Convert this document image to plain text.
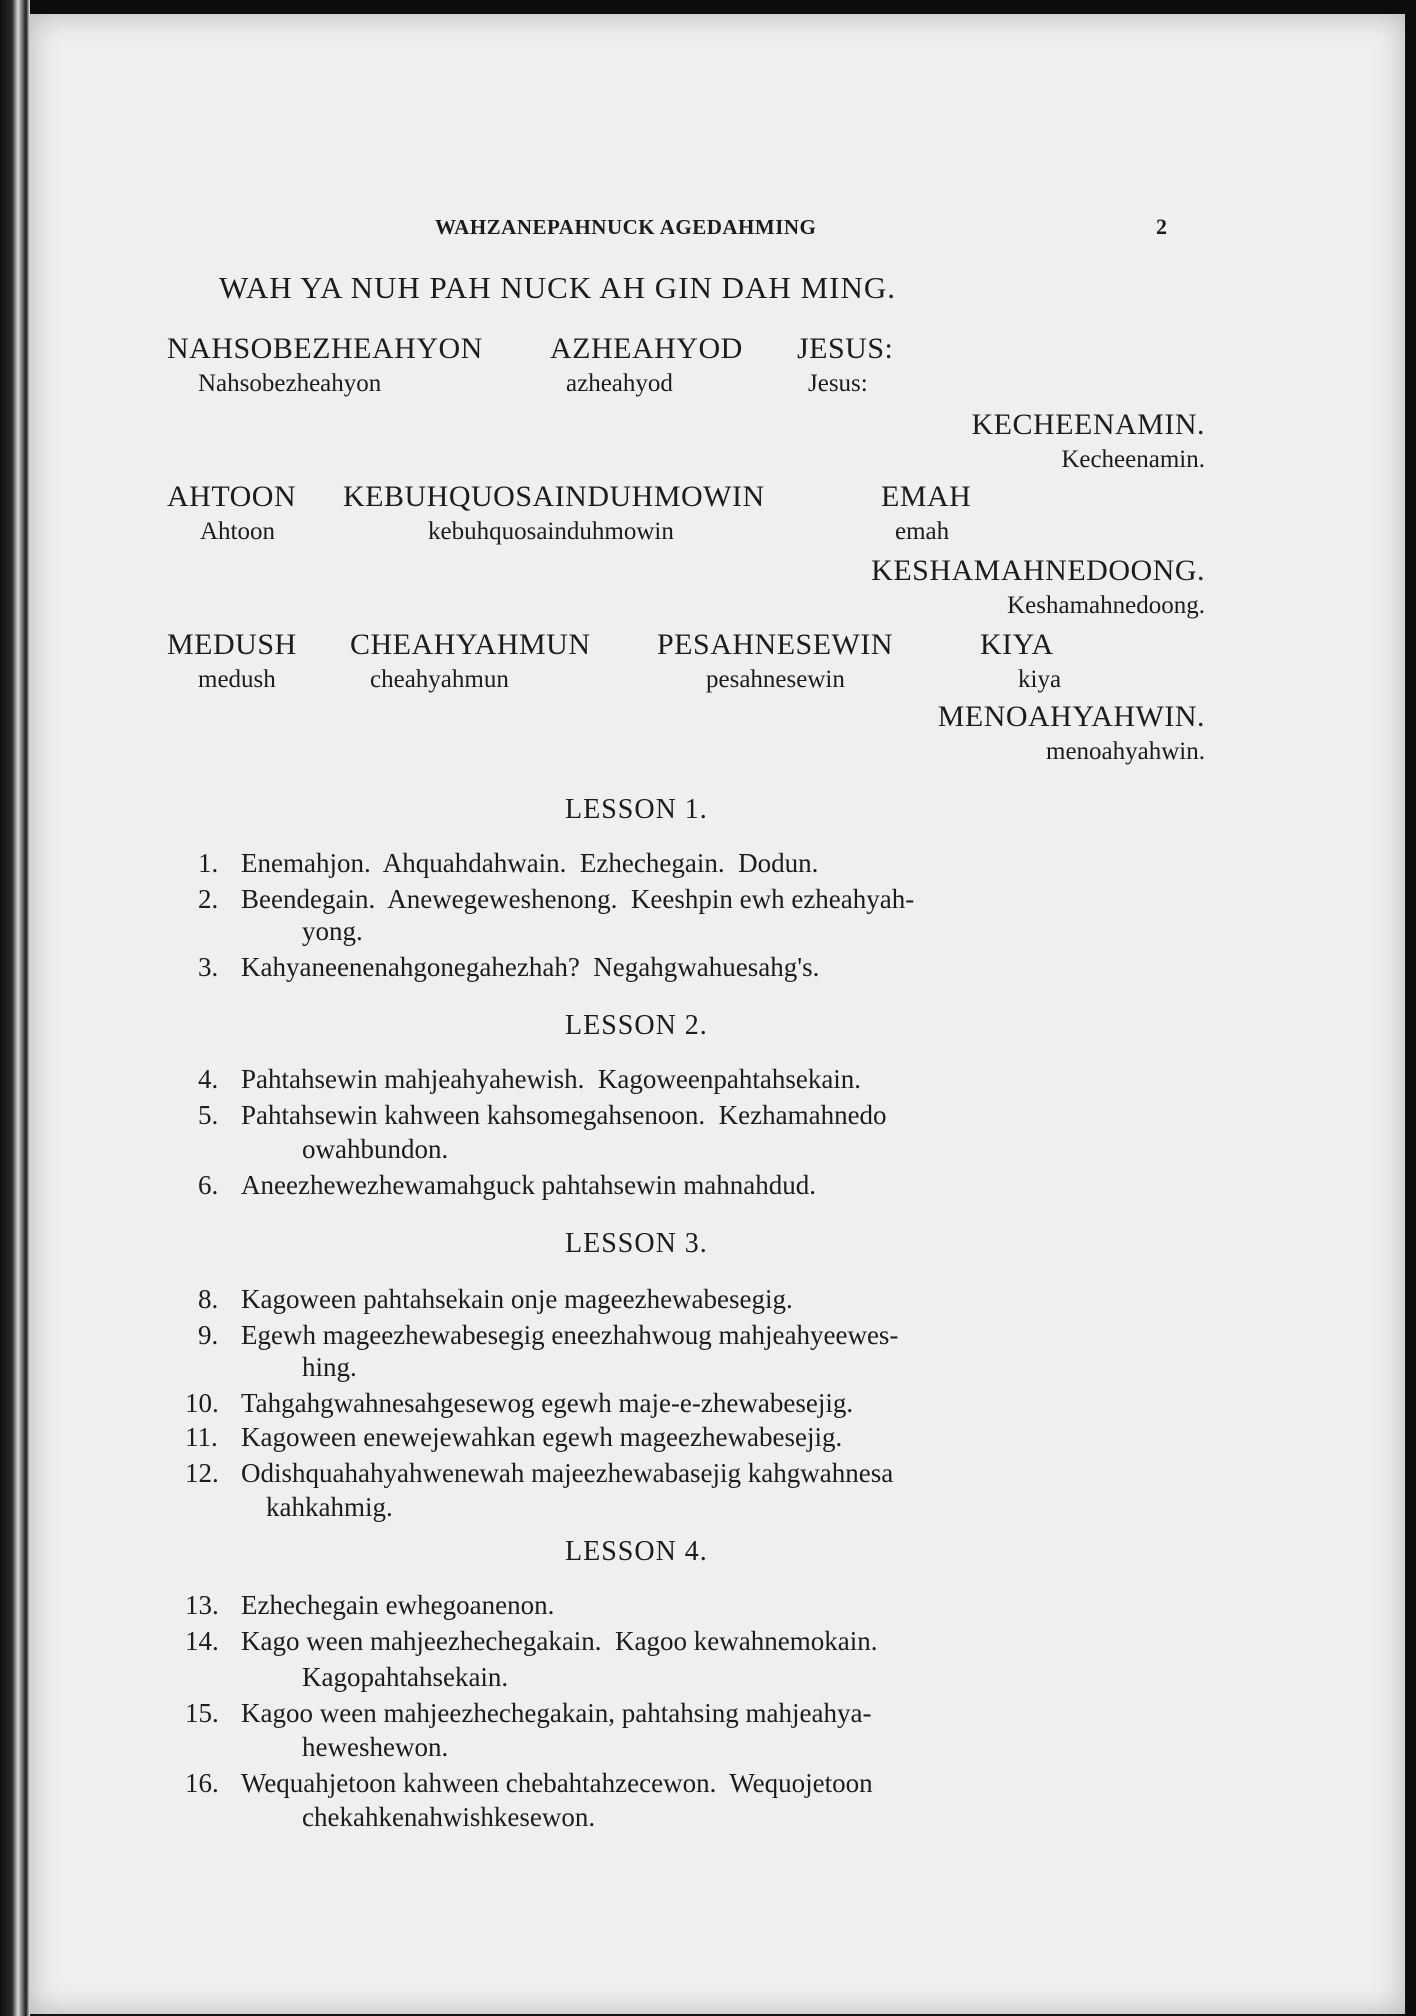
WAHZANEPAHNUCK AGEDAHMING	2
WAH YA NUH PAH NUCK AH GIN DAH MING.
NAHSOBEZHEAHYON AZHEAHYOD JESUS:
Nahsobezheahyon	azheahyod	Jesus:
KECHEENAMIN.
Kecheenamin.
AHTOON KEBUHQUOSAINDUHMOWIN	EMAH
Ahtoon	kebuhquosainduhmowin	emah
KESHAMAHNEDOONG.
Keshamahnedoong.
MEDUSH CHEAHYAHMUN PESAHNESEWIN	KIYA
medush	cheahyahmun	pesahnesewin	kiya
MENOAHYAHWIN.
menoahyahwin.
LESSON 1.
1. Enemahjon.  Ahquahdahwain.  Ezhechegain.  Dodun.
2. Beendegain.  Anewegeweshenong.  Keeshpin ewh ezheahyah-
yong.
3. Kahyaneenenahgonegahezhah?  Negahgwahuesahg's.
LESSON 2.
4. Pahtahsewin mahjeahyahewish.  Kagoweenpahtahsekain.
5. Pahtahsewin kahween kahsomegahsenoon.  Kezhamahnedo
owahbundon.
6. Aneezhewezhewamahguck pahtahsewin mahnahdud.
LESSON 3.
8. Kagoween pahtahsekain onje mageezhewabesegig.
9. Egewh mageezhewabesegig eneezhahwoug mahjeahyeewes-
hing.
10. Tahgahgwahnesahgesewog egewh maje-e-zhewabesejig.
11. Kagoween enewejewahkan egewh mageezhewabesejig.
12. Odishquahahyahwenewah majeezhewabasejig kahgwahnesa
kahkahmig.
LESSON 4.
13. Ezhechegain ewhegoanenon.
14. Kago ween mahjeezhechegakain.  Kagoo kewahnemokain.
Kagopahtahsekain.
15. Kagoo ween mahjeezhechegakain, pahtahsing mahjeahya-
heweshewon.
16. Wequahjetoon kahween chebahtahzecewon.  Wequojetoon
chekahkenahwishkesewon.
